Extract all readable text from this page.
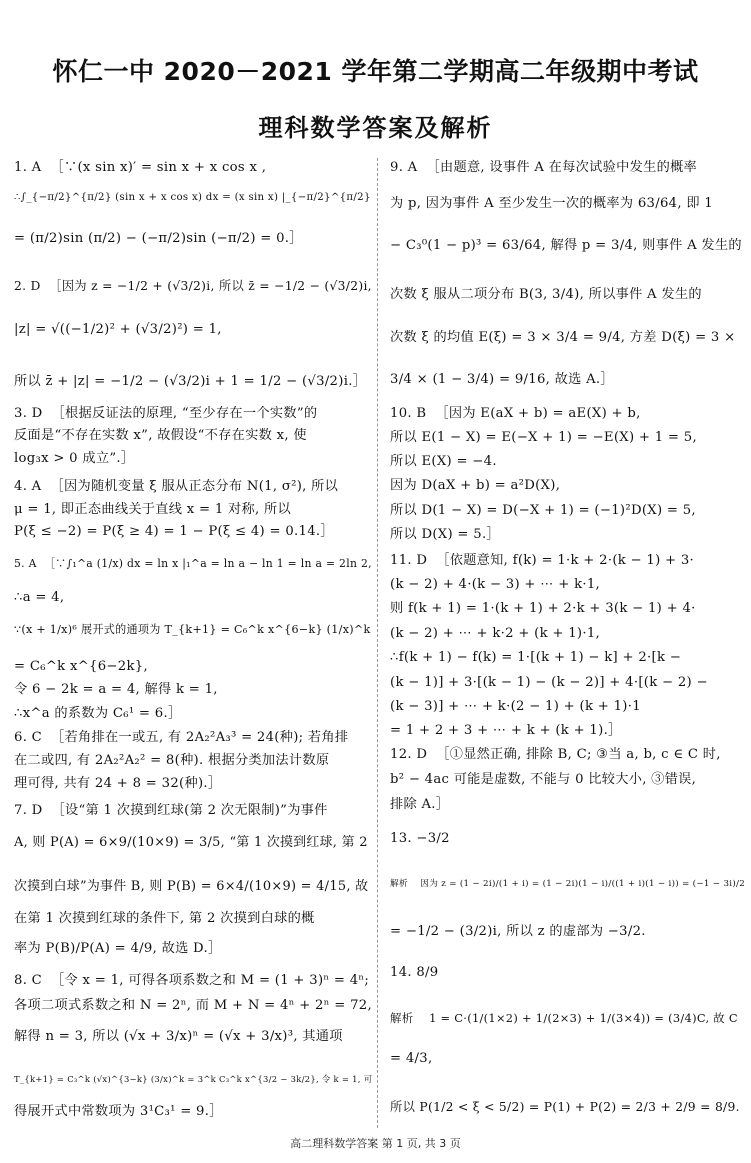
怀仁一中 2020－2021 学年第二学期高二年级期中考试
理科数学答案及解析
1. A  ［∵(x sin x)′ = sin x + x cos x ,
∴∫_{−π/2}^{π/2} (sin x + x cos x) dx = (x sin x) |_{−π/2}^{π/2}
= (π/2)sin (π/2) − (−π/2)sin (−π/2) = 0.］
2. D  ［因为 z = −1/2 + (√3/2)i, 所以 z̄ = −1/2 − (√3/2)i,
|z| = √((−1/2)² + (√3/2)²) = 1,
所以 z̄ + |z| = −1/2 − (√3/2)i + 1 = 1/2 − (√3/2)i.］
3. D  ［根据反证法的原理, “至少存在一个实数”的
反面是“不存在实数 x”, 故假设“不存在实数 x, 使
log₃x > 0 成立”.］
4. A  ［因为随机变量 ξ 服从正态分布 N(1, σ²), 所以
μ = 1, 即正态曲线关于直线 x = 1 对称, 所以
P(ξ ≤ −2) = P(ξ ≥ 4) = 1 − P(ξ ≤ 4) = 0.14.］
5. A  ［∵∫₁^a (1/x) dx = ln x |₁^a = ln a − ln 1 = ln a = 2ln 2,
∴a = 4,
∵(x + 1/x)⁶ 展开式的通项为 T_{k+1} = C₆^k x^{6−k} (1/x)^k
= C₆^k x^{6−2k},
令 6 − 2k = a = 4, 解得 k = 1,
∴x^a 的系数为 C₆¹ = 6.］
6. C  ［若角排在一或五, 有 2A₂²A₃³ = 24(种); 若角排
在二或四, 有 2A₂²A₂² = 8(种). 根据分类加法计数原
理可得, 共有 24 + 8 = 32(种).］
7. D  ［设“第 1 次摸到红球(第 2 次无限制)”为事件
A, 则 P(A) = 6×9/(10×9) = 3/5, “第 1 次摸到红球, 第 2
次摸到白球”为事件 B, 则 P(B) = 6×4/(10×9) = 4/15, 故
在第 1 次摸到红球的条件下, 第 2 次摸到白球的概
率为 P(B)/P(A) = 4/9, 故选 D.］
8. C  ［令 x = 1, 可得各项系数之和 M = (1 + 3)ⁿ = 4ⁿ;
各项二项式系数之和 N = 2ⁿ, 而 M + N = 4ⁿ + 2ⁿ = 72,
解得 n = 3, 所以 (√x + 3/x)ⁿ = (√x + 3/x)³, 其通项
T_{k+1} = C₃^k (√x)^{3−k} (3/x)^k = 3^k C₃^k x^{3/2 − 3k/2}, 令 k = 1, 可
得展开式中常数项为 3¹C₃¹ = 9.］
9. A  ［由题意, 设事件 A 在每次试验中发生的概率
为 p, 因为事件 A 至少发生一次的概率为 63/64, 即 1
− C₃⁰(1 − p)³ = 63/64, 解得 p = 3/4, 则事件 A 发生的
次数 ξ 服从二项分布 B(3, 3/4), 所以事件 A 发生的
次数 ξ 的均值 E(ξ) = 3 × 3/4 = 9/4, 方差 D(ξ) = 3 ×
3/4 × (1 − 3/4) = 9/16, 故选 A.］
10. B  ［因为 E(aX + b) = aE(X) + b,
所以 E(1 − X) = E(−X + 1) = −E(X) + 1 = 5,
所以 E(X) = −4.
因为 D(aX + b) = a²D(X),
所以 D(1 − X) = D(−X + 1) = (−1)²D(X) = 5,
所以 D(X) = 5.］
11. D  ［依题意知, f(k) = 1·k + 2·(k − 1) + 3·
(k − 2) + 4·(k − 3) + ⋯ + k·1,
则 f(k + 1) = 1·(k + 1) + 2·k + 3(k − 1) + 4·
(k − 2) + ⋯ + k·2 + (k + 1)·1,
∴f(k + 1) − f(k) = 1·[(k + 1) − k] + 2·[k −
(k − 1)] + 3·[(k − 1) − (k − 2)] + 4·[(k − 2) −
(k − 3)] + ⋯ + k·(2 − 1) + (k + 1)·1
= 1 + 2 + 3 + ⋯ + k + (k + 1).］
12. D  ［①显然正确, 排除 B, C; ③当 a, b, c ∈ C 时,
b² − 4ac 可能是虚数, 不能与 0 比较大小, ③错误,
排除 A.］
13. −3/2
解析    因为 z = (1 − 2i)/(1 + i) = (1 − 2i)(1 − i)/((1 + i)(1 − i)) = (−1 − 3i)/2
= −1/2 − (3/2)i, 所以 z 的虚部为 −3/2.
14. 8/9
解析    1 = C·(1/(1×2) + 1/(2×3) + 1/(3×4)) = (3/4)C, 故 C
= 4/3,
所以 P(1/2 < ξ < 5/2) = P(1) + P(2) = 2/3 + 2/9 = 8/9.
高二理科数学答案 第 1 页, 共 3 页
